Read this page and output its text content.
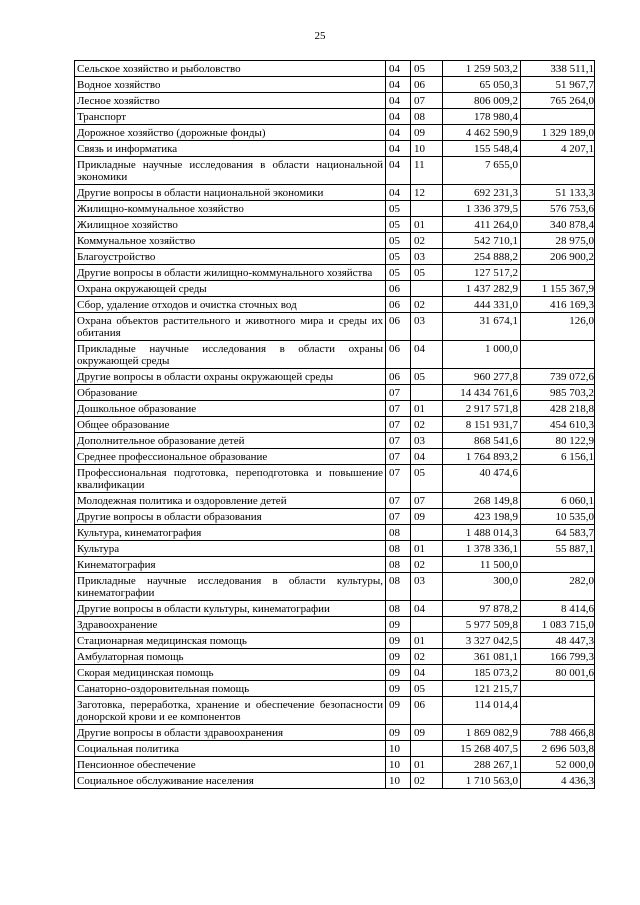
25
Сельское хозяйство и рыболовство	04	05	1 259 503,2	338 511,1
Водное хозяйство	04	06	65 050,3	51 967,7
Лесное хозяйство	04	07	806 009,2	765 264,0
Транспорт	04	08	178 980,4	
Дорожное хозяйство (дорожные фонды)	04	09	4 462 590,9	1 329 189,0
Связь и информатика	04	10	155 548,4	4 207,1
Прикладные научные исследования в области национальной экономики	04	11	7 655,0	
Другие вопросы в области национальной экономики	04	12	692 231,3	51 133,3
Жилищно-коммунальное хозяйство	05		1 336 379,5	576 753,6
Жилищное хозяйство	05	01	411 264,0	340 878,4
Коммунальное хозяйство	05	02	542 710,1	28 975,0
Благоустройство	05	03	254 888,2	206 900,2
Другие вопросы в области жилищно-коммунального хозяйства	05	05	127 517,2	
Охрана окружающей среды	06		1 437 282,9	1 155 367,9
Сбор, удаление отходов и очистка сточных вод	06	02	444 331,0	416 169,3
Охрана объектов растительного и животного мира и среды их обитания	06	03	31 674,1	126,0
Прикладные научные исследования в области охраны окружающей среды	06	04	1 000,0	
Другие вопросы в области охраны окружающей среды	06	05	960 277,8	739 072,6
Образование	07		14 434 761,6	985 703,2
Дошкольное образование	07	01	2 917 571,8	428 218,8
Общее образование	07	02	8 151 931,7	454 610,3
Дополнительное образование детей	07	03	868 541,6	80 122,9
Среднее профессиональное образование	07	04	1 764 893,2	6 156,1
Профессиональная подготовка, переподготовка и повышение квалификации	07	05	40 474,6	
Молодежная политика и оздоровление детей	07	07	268 149,8	6 060,1
Другие вопросы в области образования	07	09	423 198,9	10 535,0
Культура, кинематография	08		1 488 014,3	64 583,7
Культура	08	01	1 378 336,1	55 887,1
Кинематография	08	02	11 500,0	
Прикладные научные исследования в области культуры, кинематографии	08	03	300,0	282,0
Другие вопросы в области культуры, кинематографии	08	04	97 878,2	8 414,6
Здравоохранение	09		5 977 509,8	1 083 715,0
Стационарная медицинская помощь	09	01	3 327 042,5	48 447,3
Амбулаторная помощь	09	02	361 081,1	166 799,3
Скорая медицинская помощь	09	04	185 073,2	80 001,6
Санаторно-оздоровительная помощь	09	05	121 215,7	
Заготовка, переработка, хранение и обеспечение безопасности донорской крови и ее компонентов	09	06	114 014,4	
Другие вопросы в области здравоохранения	09	09	1 869 082,9	788 466,8
Социальная политика	10		15 268 407,5	2 696 503,8
Пенсионное обеспечение	10	01	288 267,1	52 000,0
Социальное обслуживание населения	10	02	1 710 563,0	4 436,3
